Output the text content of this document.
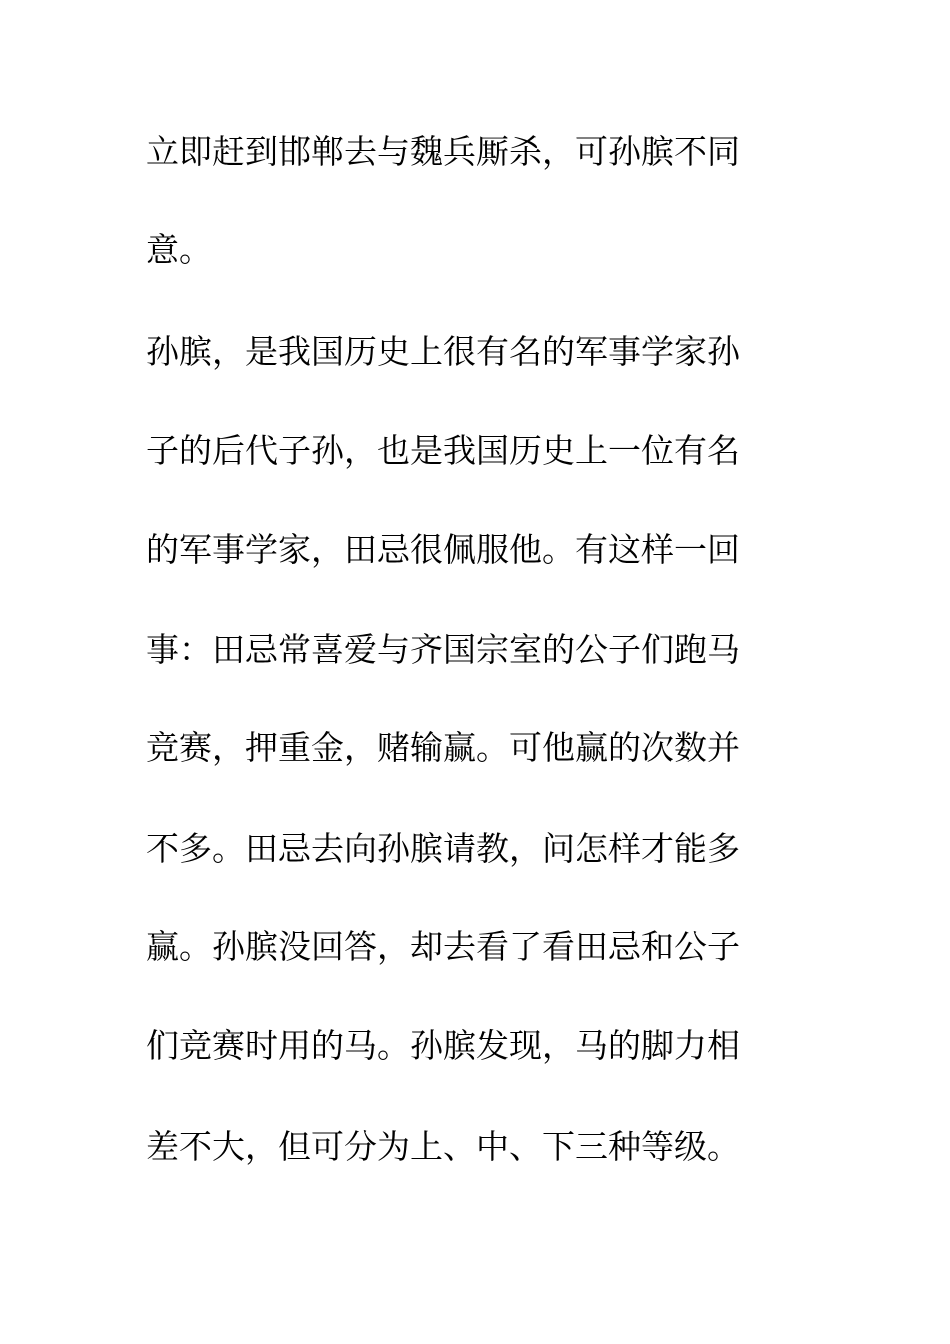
立即赶到邯郸去与魏兵厮杀，可孙膑不同
意。
孙膑，是我国历史上很有名的军事学家孙
子的后代子孙，也是我国历史上一位有名
的军事学家，田忌很佩服他。有这样一回
事：田忌常喜爱与齐国宗室的公子们跑马
竞赛，押重金，赌输赢。可他赢的次数并
不多。田忌去向孙膑请教，问怎样才能多
赢。孙膑没回答，却去看了看田忌和公子
们竞赛时用的马。孙膑发现，马的脚力相
差不大，但可分为上、中、下三种等级。
